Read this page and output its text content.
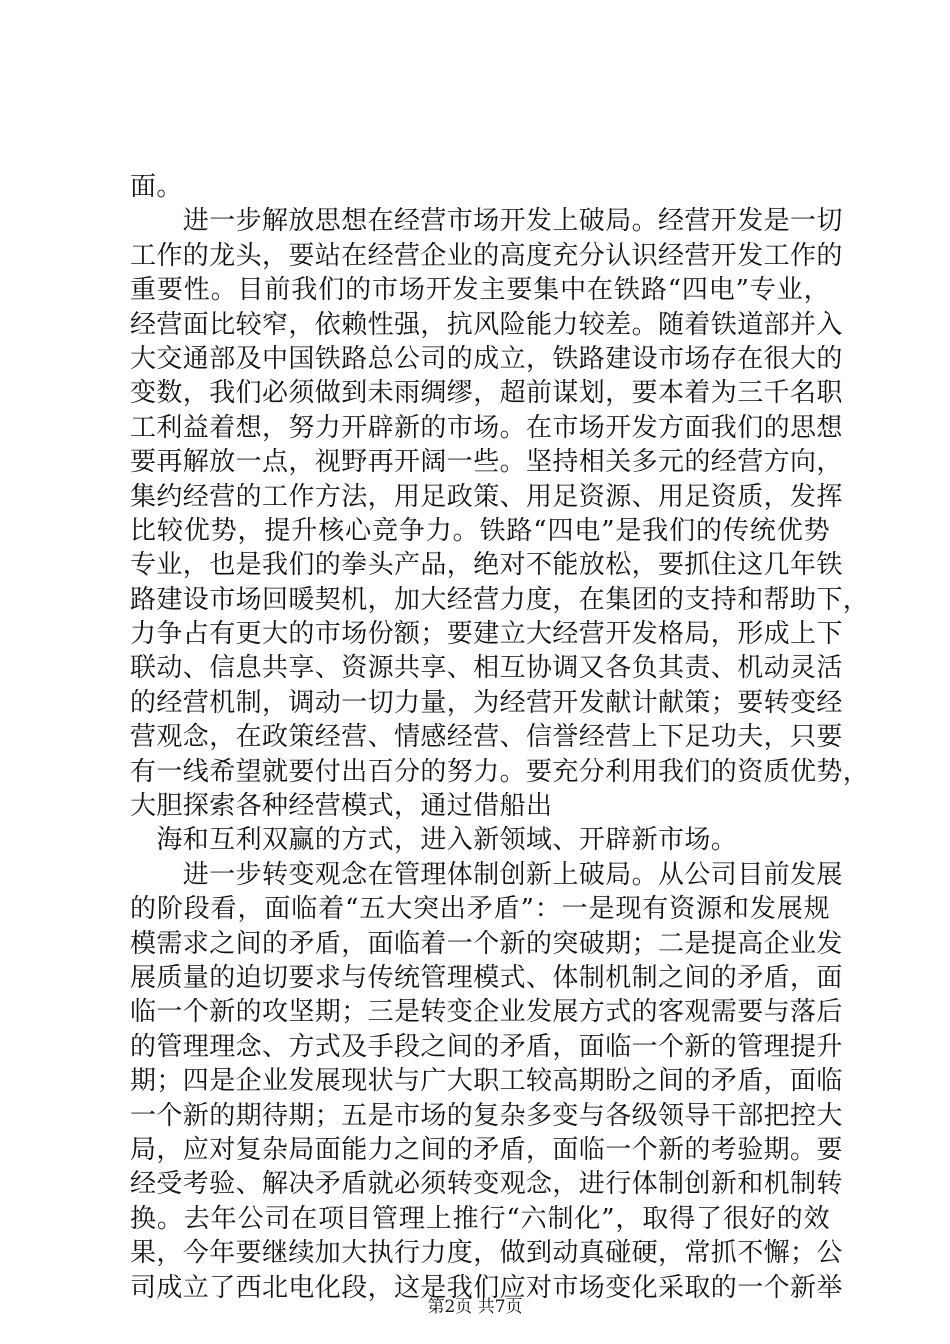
面。
　　进一步解放思想在经营市场开发上破局。经营开发是一切
工作的龙头，要站在经营企业的高度充分认识经营开发工作的
重要性。目前我们的市场开发主要集中在铁路“四电”专业，
经营面比较窄，依赖性强，抗风险能力较差。随着铁道部并入
大交通部及中国铁路总公司的成立，铁路建设市场存在很大的
变数，我们必须做到未雨绸缪，超前谋划，要本着为三千名职
工利益着想，努力开辟新的市场。在市场开发方面我们的思想
要再解放一点，视野再开阔一些。坚持相关多元的经营方向，
集约经营的工作方法，用足政策、用足资源、用足资质，发挥
比较优势，提升核心竞争力。铁路“四电”是我们的传统优势
专业，也是我们的拳头产品，绝对不能放松，要抓住这几年铁
路建设市场回暖契机，加大经营力度，在集团的支持和帮助下，
力争占有更大的市场份额；要建立大经营开发格局，形成上下
联动、信息共享、资源共享、相互协调又各负其责、机动灵活
的经营机制，调动一切力量，为经营开发献计献策；要转变经
营观念，在政策经营、情感经营、信誉经营上下足功夫，只要
有一线希望就要付出百分的努力。要充分利用我们的资质优势，
大胆探索各种经营模式，通过借船出
　海和互利双赢的方式，进入新领域、开辟新市场。
　　进一步转变观念在管理体制创新上破局。从公司目前发展
的阶段看，面临着“五大突出矛盾”：一是现有资源和发展规
模需求之间的矛盾，面临着一个新的突破期；二是提高企业发
展质量的迫切要求与传统管理模式、体制机制之间的矛盾，面
临一个新的攻坚期；三是转变企业发展方式的客观需要与落后
的管理理念、方式及手段之间的矛盾，面临一个新的管理提升
期；四是企业发展现状与广大职工较高期盼之间的矛盾，面临
一个新的期待期；五是市场的复杂多变与各级领导干部把控大
局，应对复杂局面能力之间的矛盾，面临一个新的考验期。要
经受考验、解决矛盾就必须转变观念，进行体制创新和机制转
换。去年公司在项目管理上推行“六制化”，取得了很好的效
果，今年要继续加大执行力度，做到动真碰硬，常抓不懈；公
司成立了西北电化段，这是我们应对市场变化采取的一个新举
第2页 共7页
